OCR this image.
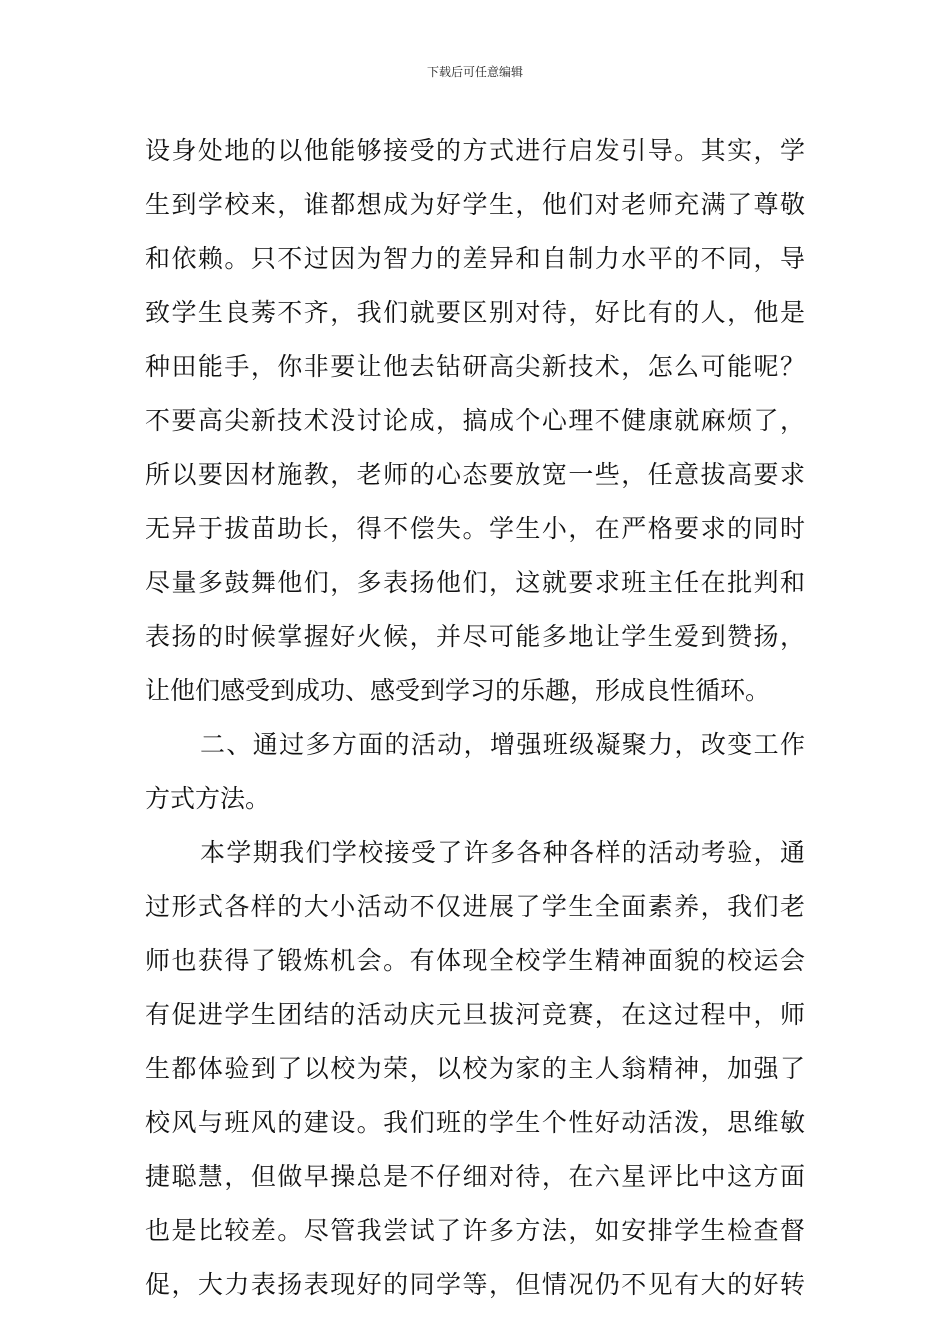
下载后可任意编辑
设身处地的以他能够接受的方式进行启发引导。其实，学
生到学校来，谁都想成为好学生，他们对老师充满了尊敬
和依赖。只不过因为智力的差异和自制力水平的不同，导
致学生良莠不齐，我们就要区别对待，好比有的人，他是
种田能手，你非要让他去钻研高尖新技术，怎么可能呢？
不要高尖新技术没讨论成，搞成个心理不健康就麻烦了，
所以要因材施教，老师的心态要放宽一些，任意拔高要求
无异于拔苗助长，得不偿失。学生小，在严格要求的同时
尽量多鼓舞他们，多表扬他们，这就要求班主任在批判和
表扬的时候掌握好火候，并尽可能多地让学生爱到赞扬，
让他们感受到成功、感受到学习的乐趣，形成良性循环。
二、通过多方面的活动，增强班级凝聚力，改变工作
方式方法。
本学期我们学校接受了许多各种各样的活动考验，通
过形式各样的大小活动不仅进展了学生全面素养，我们老
师也获得了锻炼机会。有体现全校学生精神面貌的校运会
有促进学生团结的活动庆元旦拔河竞赛，在这过程中，师
生都体验到了以校为荣，以校为家的主人翁精神，加强了
校风与班风的建设。我们班的学生个性好动活泼，思维敏
捷聪慧，但做早操总是不仔细对待，在六星评比中这方面
也是比较差。尽管我尝试了许多方法，如安排学生检查督
促，大力表扬表现好的同学等，但情况仍不见有大的好转
